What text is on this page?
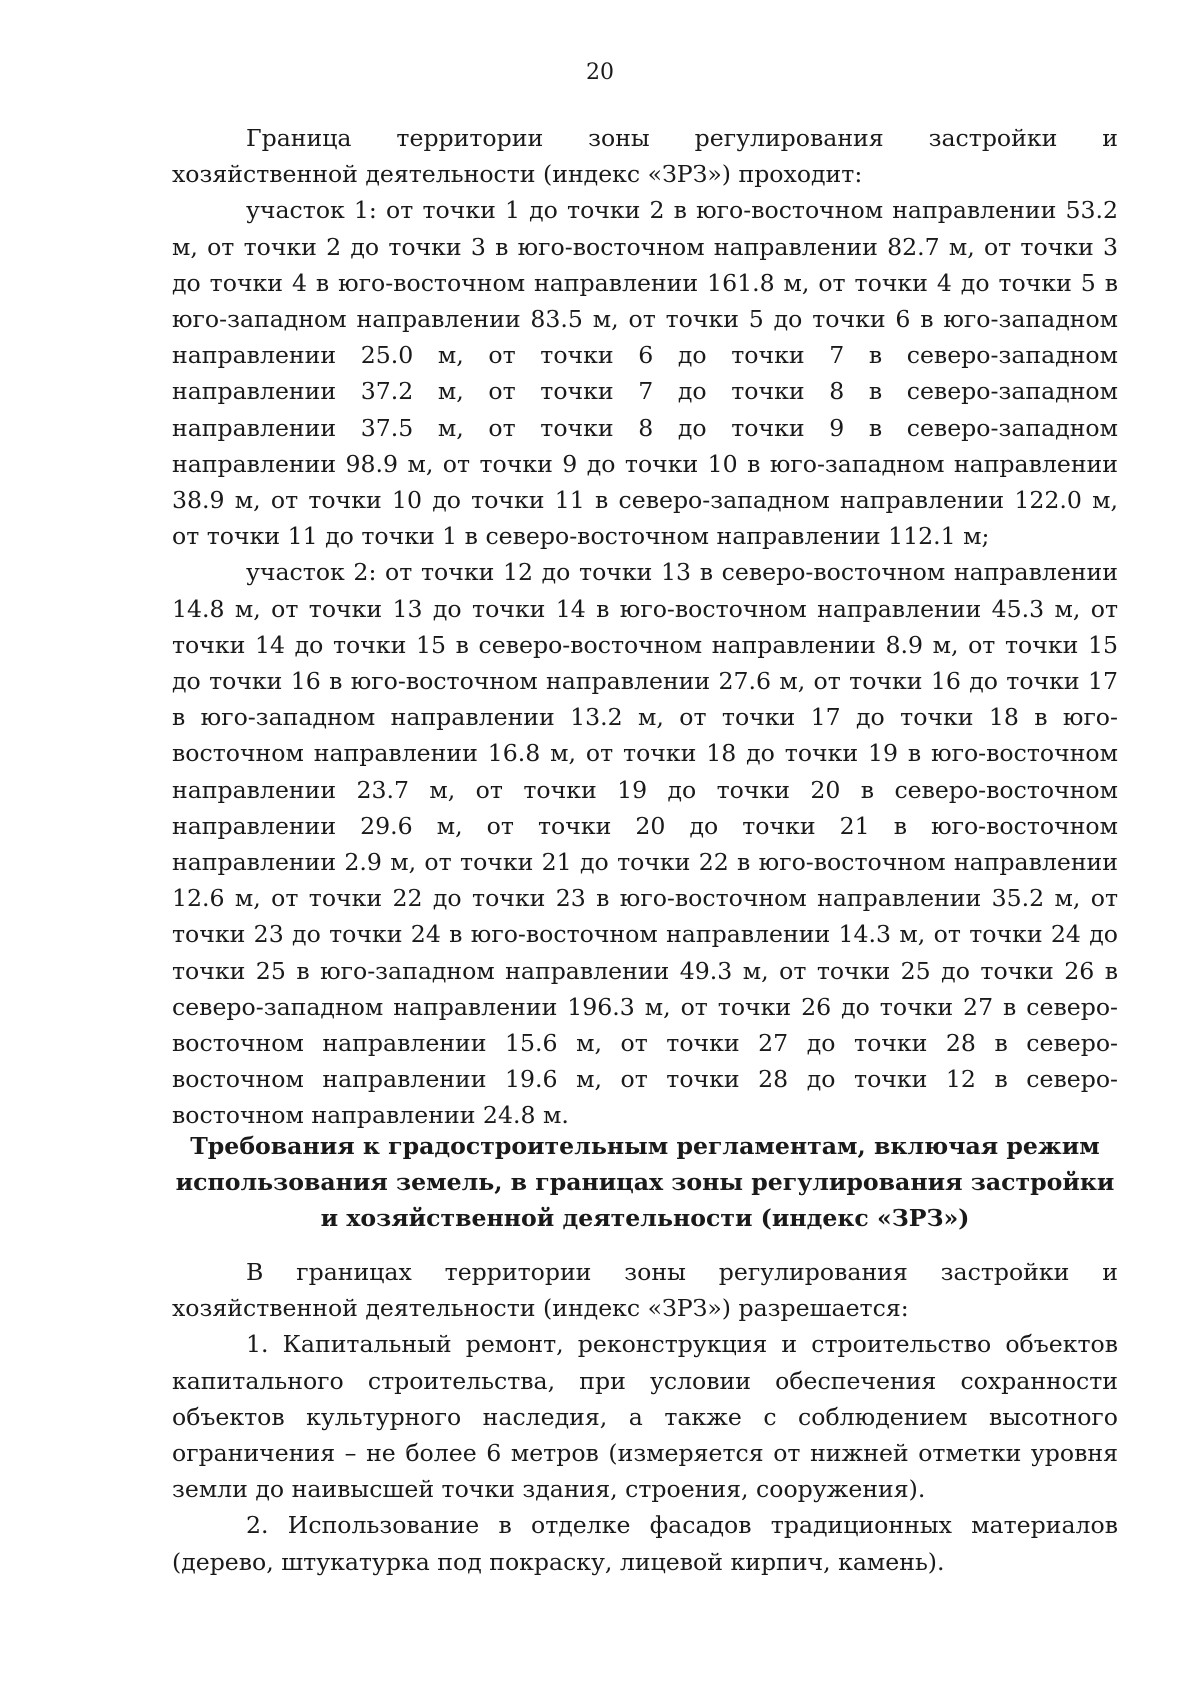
20

Граница территории зоны регулирования застройки и хозяйственной деятельности (индекс «ЗРЗ») проходит:

участок 1: от точки 1 до точки 2 в юго-восточном направлении 53.2 м, от точки 2 до точки 3 в юго-восточном направлении 82.7 м, от точки 3 до точки 4 в юго-восточном направлении 161.8 м, от точки 4 до точки 5 в юго-западном направлении 83.5 м, от точки 5 до точки 6 в юго-западном направлении 25.0 м, от точки 6 до точки 7 в северо-западном направлении 37.2 м, от точки 7 до точки 8 в северо-западном направлении 37.5 м, от точки 8 до точки 9 в северо-западном направлении 98.9 м, от точки 9 до точки 10 в юго-западном направлении 38.9 м, от точки 10 до точки 11 в северо-западном направлении 122.0 м, от точки 11 до точки 1 в северо-восточном направлении 112.1 м;

участок 2: от точки 12 до точки 13 в северо-восточном направлении 14.8 м, от точки 13 до точки 14 в юго-восточном направлении 45.3 м, от точки 14 до точки 15 в северо-восточном направлении 8.9 м, от точки 15 до точки 16 в юго-восточном направлении 27.6 м, от точки 16 до точки 17 в юго-западном направлении 13.2 м, от точки 17 до точки 18 в юго-восточном направлении 16.8 м, от точки 18 до точки 19 в юго-восточном направлении 23.7 м, от точки 19 до точки 20 в северо-восточном направлении 29.6 м, от точки 20 до точки 21 в юго-восточном направлении 2.9 м, от точки 21 до точки 22 в юго-восточном направлении 12.6 м, от точки 22 до точки 23 в юго-восточном направлении 35.2 м, от точки 23 до точки 24 в юго-восточном направлении 14.3 м, от точки 24 до точки 25 в юго-западном направлении 49.3 м, от точки 25 до точки 26 в северо-западном направлении 196.3 м, от точки 26 до точки 27 в северо-восточном направлении 15.6 м, от точки 27 до точки 28 в северо-восточном направлении 19.6 м, от точки 28 до точки 12 в северо-восточном направлении 24.8 м.

Требования к градостроительным регламентам, включая режим
использования земель, в границах зоны регулирования застройки
и хозяйственной деятельности (индекс «ЗРЗ»)

В границах территории зоны регулирования застройки и хозяйственной деятельности (индекс «ЗРЗ») разрешается:

1. Капитальный ремонт, реконструкция и строительство объектов капитального строительства, при условии обеспечения сохранности объектов культурного наследия, а также с соблюдением высотного ограничения – не более 6 метров (измеряется от нижней отметки уровня земли до наивысшей точки здания, строения, сооружения).

2. Использование в отделке фасадов традиционных материалов (дерево, штукатурка под покраску, лицевой кирпич, камень).
